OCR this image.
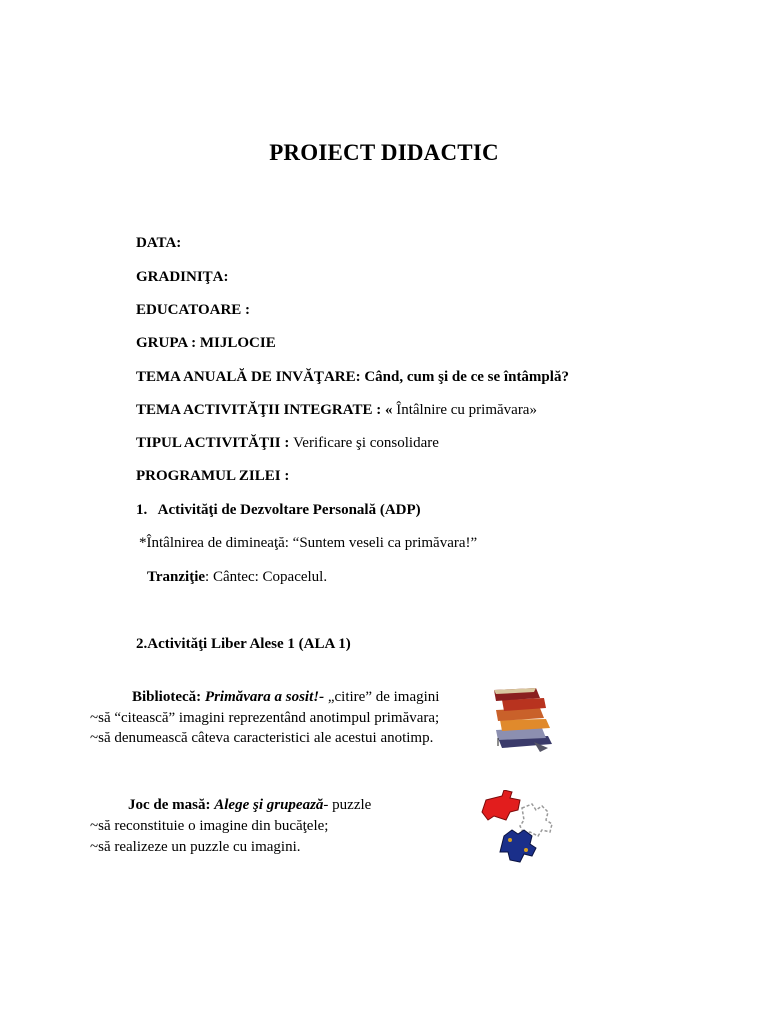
PROIECT DIDACTIC
DATA:
GRADINIŢA:
EDUCATOARE :
GRUPA : MIJLOCIE
TEMA ANUALĂ DE INVĂŢARE: Când, cum şi de ce se întâmplă?
TEMA ACTIVITĂŢII INTEGRATE : « Întâlnire cu primăvara»
TIPUL ACTIVITĂŢII : Verificare şi consolidare
PROGRAMUL ZILEI :
1.   Activităţi de Dezvoltare Personală (ADP)
*Întâlnirea de dimineaţă: “Suntem veseli ca primăvara!”
Tranziţie: Cântec: Copacelul.
2.Activităţi Liber Alese 1 (ALA 1)
Bibliotecă: Primăvara a sosit!- „citire” de imagini
~să “citească” imagini reprezentând anotimpul primăvara;
~să denumească câteva caracteristici ale acestui anotimp.
Joc de masă: Alege şi grupează- puzzle
~să reconstituie o imagine din bucăţele;
~să realizeze un puzzle cu imagini.
